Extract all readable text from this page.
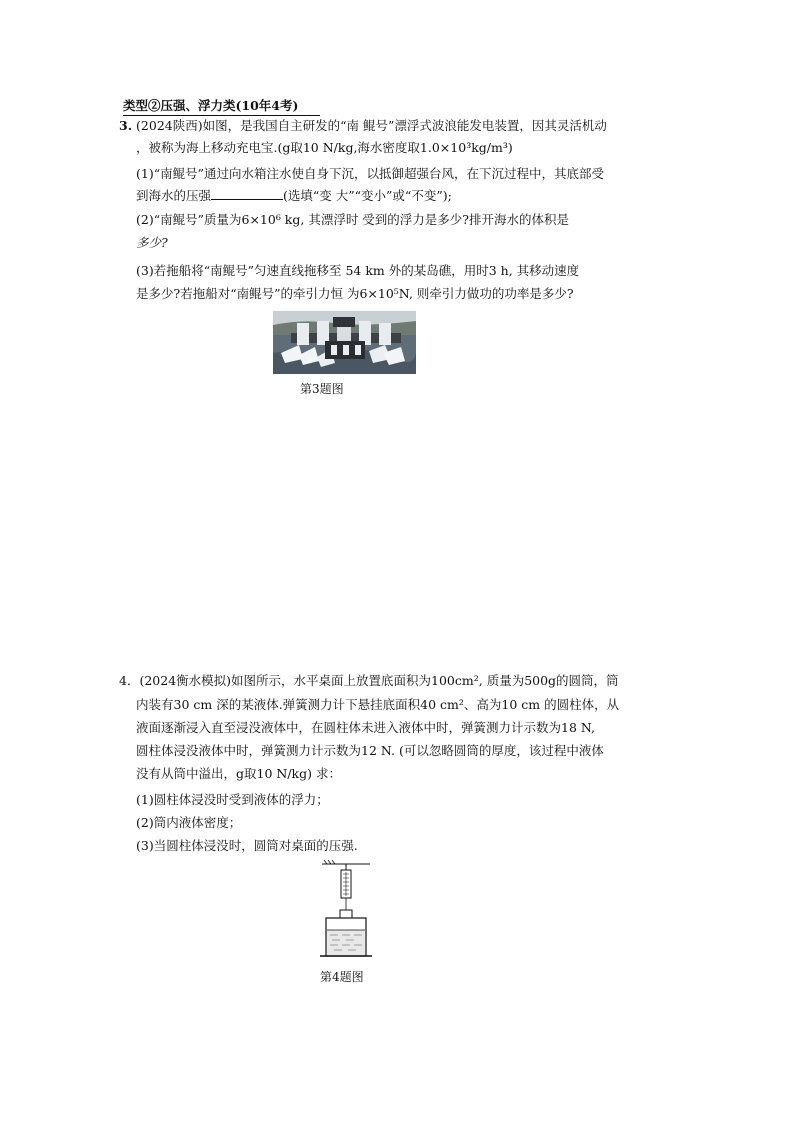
类型②压强、浮力类(10年4考)
3. (2024陕西)如图，是我国自主研发的“南 鲲号”漂浮式波浪能发电装置，因其灵活机动
，被称为海上移动充电宝.(g取10 N/kg,海水密度取1.0×10³kg/m³)
(1)“南鲲号”通过向水箱注水使自身下沉，以抵御超强台风，在下沉过程中，其底部受
到海水的压强	(选填“变 大”“变小”或“不变”);
(2)“南鲲号”质量为6×10⁶ kg, 其漂浮时 受到的浮力是多少?排开海水的体积是
多少?
(3)若拖船将“南鲲号”匀速直线拖移至 54 km 外的某岛礁，用时3 h, 其移动速度
是多少?若拖船对“南鲲号”的牵引力恒 为6×10⁵N, 则牵引力做功的功率是多少?
第3题图
4．(2024衡水模拟)如图所示，水平桌面上放置底面积为100cm², 质量为500g的圆筒，筒
内装有30 cm 深的某液体.弹簧测力计下悬挂底面积40 cm²、高为10 cm 的圆柱体，从
液面逐渐浸入直至浸没液体中，在圆柱体未进入液体中时，弹簧测力计示数为18 N,
圆柱体浸没液体中时，弹簧测力计示数为12 N. (可以忽略圆筒的厚度，该过程中液体
没有从筒中溢出，g取10 N/kg) 求：
(1)圆柱体浸没时受到液体的浮力；
(2)筒内液体密度；
(3)当圆柱体浸没时，圆筒对桌面的压强.
第4题图
